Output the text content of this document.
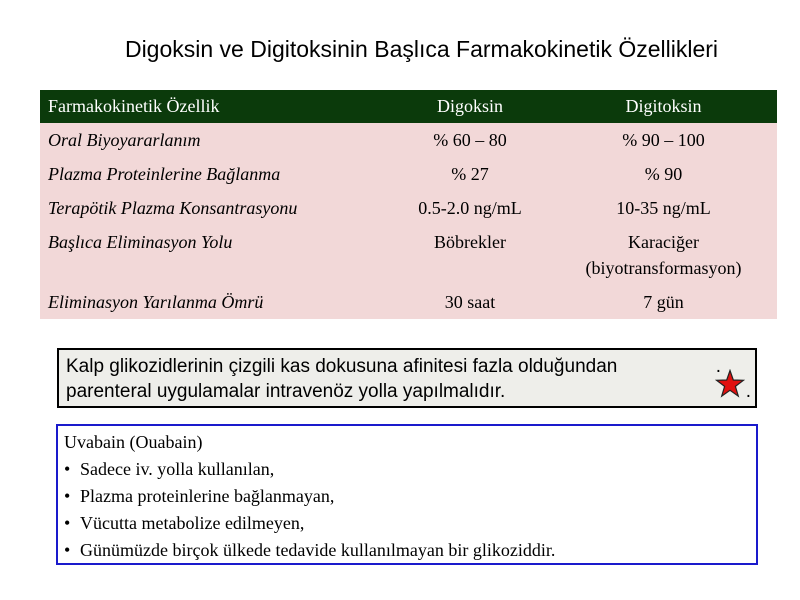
Digoksin ve Digitoksinin Başlıca Farmakokinetik Özellikleri
Farmakokinetik Özellik	Digoksin	Digitoksin
Oral Biyoyararlanım	% 60 – 80	% 90 – 100
Plazma Proteinlerine Bağlanma	% 27	% 90
Terapötik Plazma Konsantrasyonu	0.5-2.0 ng/mL	10-35 ng/mL
Başlıca Eliminasyon Yolu	Böbrekler	Karaciğer
(biyotransformasyon)
Eliminasyon Yarılanma Ömrü	30 saat	7 gün
Kalp glikozidlerinin çizgili kas dokusuna afinitesi fazla olduğundan
parenteral uygulamalar intravenöz yolla yapılmalıdır.
.
.
Uvabain (Ouabain)
• Sadece iv. yolla kullanılan,
• Plazma proteinlerine bağlanmayan,
• Vücutta metabolize edilmeyen,
• Günümüzde birçok ülkede tedavide kullanılmayan bir glikoziddir.
